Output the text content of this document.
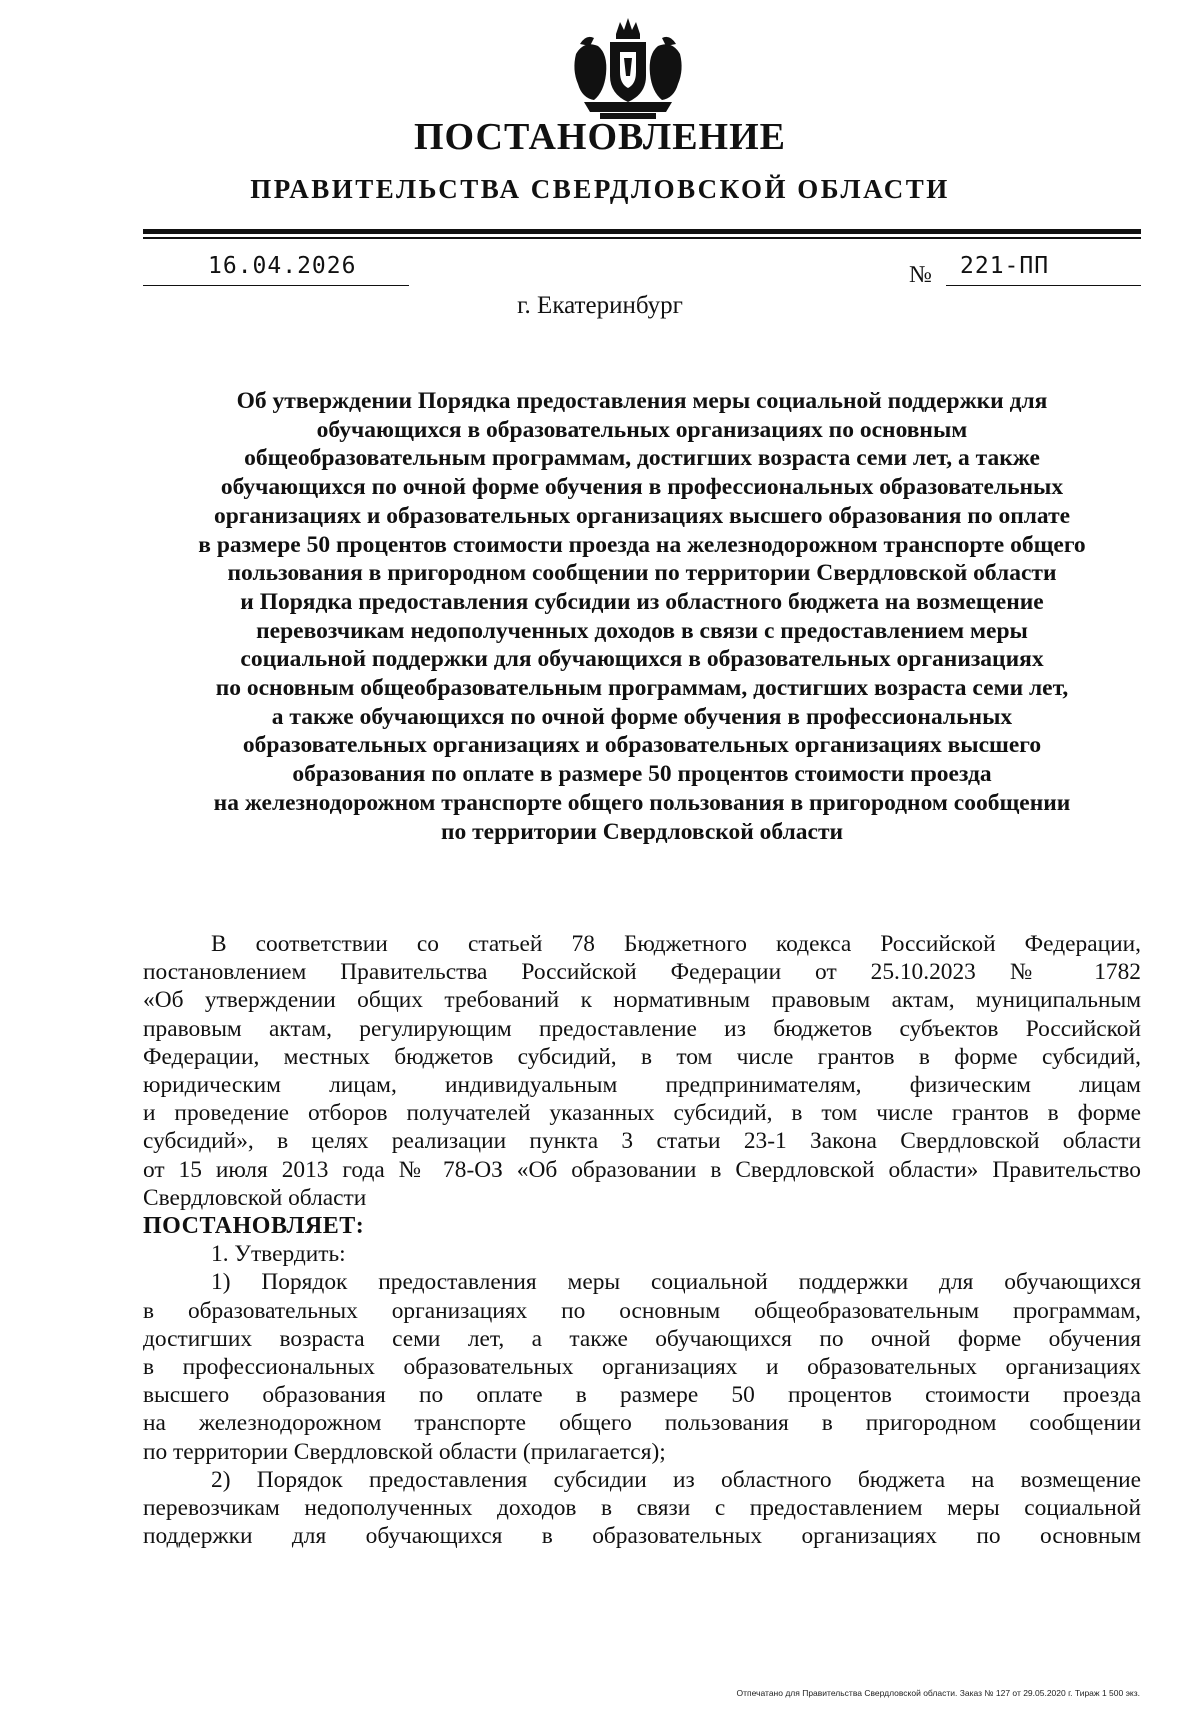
ПОСТАНОВЛЕНИЕ
ПРАВИТЕЛЬСТВА СВЕРДЛОВСКОЙ ОБЛАСТИ
16.04.2026	№ 221-ПП
г. Екатеринбург
Об утверждении Порядка предоставления меры социальной поддержки для
обучающихся в образовательных организациях по основным
общеобразовательным программам, достигших возраста семи лет, а также
обучающихся по очной форме обучения в профессиональных образовательных
организациях и образовательных организациях высшего образования по оплате
в размере 50 процентов стоимости проезда на железнодорожном транспорте общего
пользования в пригородном сообщении по территории Свердловской области
и Порядка предоставления субсидии из областного бюджета на возмещение
перевозчикам недополученных доходов в связи с предоставлением меры
социальной поддержки для обучающихся в образовательных организациях
по основным общеобразовательным программам, достигших возраста семи лет,
а также обучающихся по очной форме обучения в профессиональных
образовательных организациях и образовательных организациях высшего
образования по оплате в размере 50 процентов стоимости проезда
на железнодорожном транспорте общего пользования в пригородном сообщении
по территории Свердловской области
В соответствии со статьей 78 Бюджетного кодекса Российской Федерации,
постановлением Правительства Российской Федерации от 25.10.2023 № 1782
«Об утверждении общих требований к нормативным правовым актам, муниципальным
правовым актам, регулирующим предоставление из бюджетов субъектов Российской
Федерации, местных бюджетов субсидий, в том числе грантов в форме субсидий,
юридическим лицам, индивидуальным предпринимателям, физическим лицам
и проведение отборов получателей указанных субсидий, в том числе грантов в форме
субсидий», в целях реализации пункта 3 статьи 23-1 Закона Свердловской области
от 15 июля 2013 года № 78-ОЗ «Об образовании в Свердловской области» Правительство
Свердловской области
ПОСТАНОВЛЯЕТ:
1. Утвердить:
1) Порядок предоставления меры социальной поддержки для обучающихся
в образовательных организациях по основным общеобразовательным программам,
достигших возраста семи лет, а также обучающихся по очной форме обучения
в профессиональных образовательных организациях и образовательных организациях
высшего образования по оплате в размере 50 процентов стоимости проезда
на железнодорожном транспорте общего пользования в пригородном сообщении
по территории Свердловской области (прилагается);
2) Порядок предоставления субсидии из областного бюджета на возмещение
перевозчикам недополученных доходов в связи с предоставлением меры социальной
поддержки для обучающихся в образовательных организациях по основным
Отпечатано для Правительства Свердловской области. Заказ № 127 от 29.05.2020 г. Тираж 1 500 экз.
